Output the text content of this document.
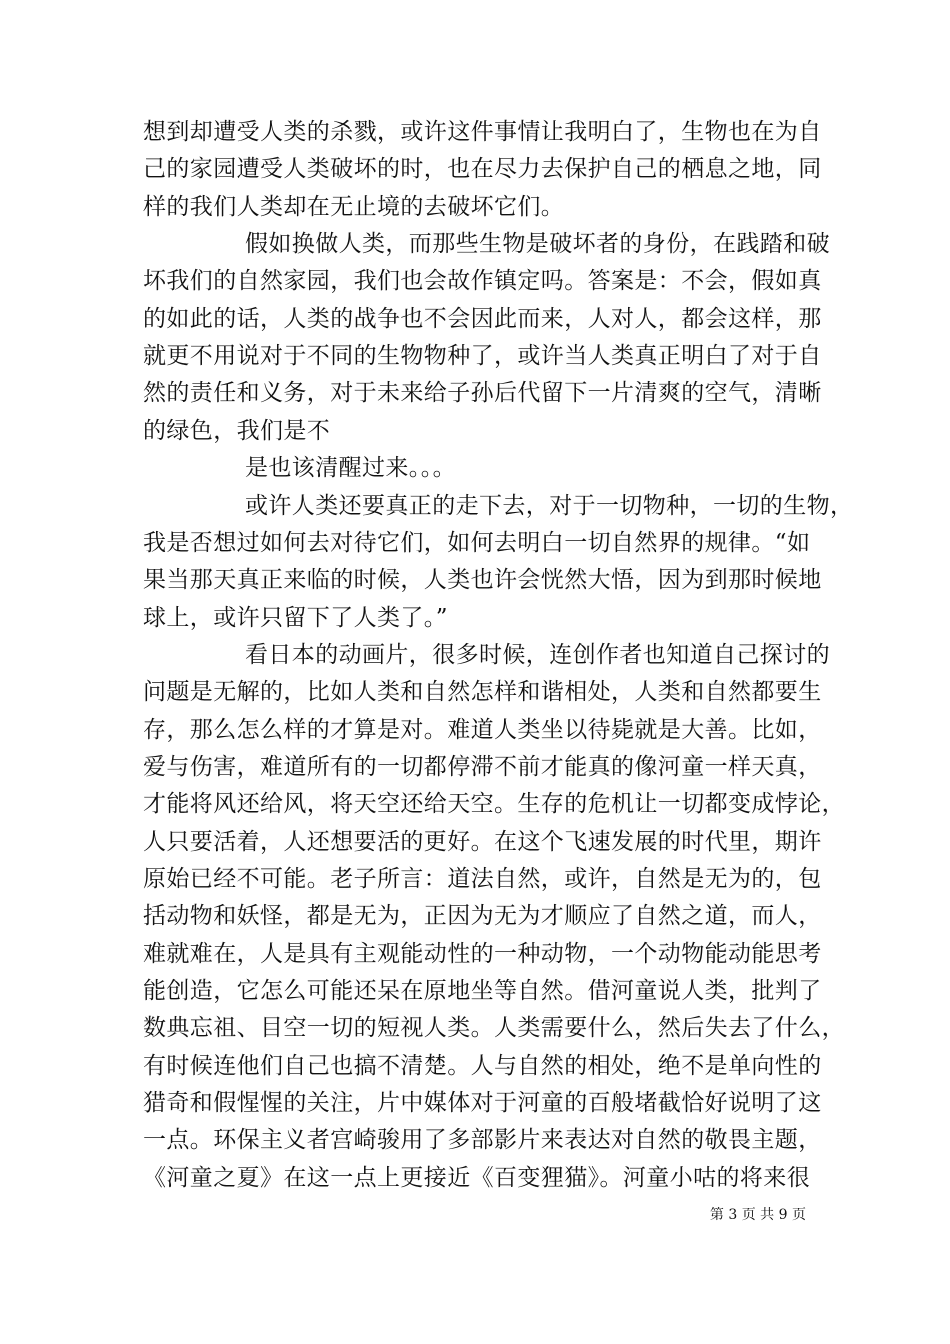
想到却遭受人类的杀戮，或许这件事情让我明白了，生物也在为自
己的家园遭受人类破坏的时，也在尽力去保护自己的栖息之地，同
样的我们人类却在无止境的去破坏它们。
假如换做人类，而那些生物是破坏者的身份，在践踏和破
坏我们的自然家园，我们也会故作镇定吗。答案是：不会，假如真
的如此的话，人类的战争也不会因此而来，人对人，都会这样，那
就更不用说对于不同的生物物种了，或许当人类真正明白了对于自
然的责任和义务，对于未来给子孙后代留下一片清爽的空气，清晰
的绿色，我们是不
是也该清醒过来。。。
或许人类还要真正的走下去，对于一切物种，一切的生物，
我是否想过如何去对待它们，如何去明白一切自然界的规律。“如
果当那天真正来临的时候，人类也许会恍然大悟，因为到那时候地
球上，或许只留下了人类了。”
看日本的动画片，很多时候，连创作者也知道自己探讨的
问题是无解的，比如人类和自然怎样和谐相处，人类和自然都要生
存，那么怎么样的才算是对。难道人类坐以待毙就是大善。比如，
爱与伤害，难道所有的一切都停滞不前才能真的像河童一样天真，
才能将风还给风，将天空还给天空。生存的危机让一切都变成悖论，
人只要活着，人还想要活的更好。在这个飞速发展的时代里，期许
原始已经不可能。老子所言：道法自然，或许，自然是无为的，包
括动物和妖怪，都是无为，正因为无为才顺应了自然之道，而人，
难就难在，人是具有主观能动性的一种动物，一个动物能动能思考
能创造，它怎么可能还呆在原地坐等自然。借河童说人类，批判了
数典忘祖、目空一切的短视人类。人类需要什么，然后失去了什么，
有时候连他们自己也搞不清楚。人与自然的相处，绝不是单向性的
猎奇和假惺惺的关注，片中媒体对于河童的百般堵截恰好说明了这
一点。环保主义者宫崎骏用了多部影片来表达对自然的敬畏主题，
《河童之夏》在这一点上更接近《百变狸猫》。河童小咕的将来很
第 3 页 共 9 页
